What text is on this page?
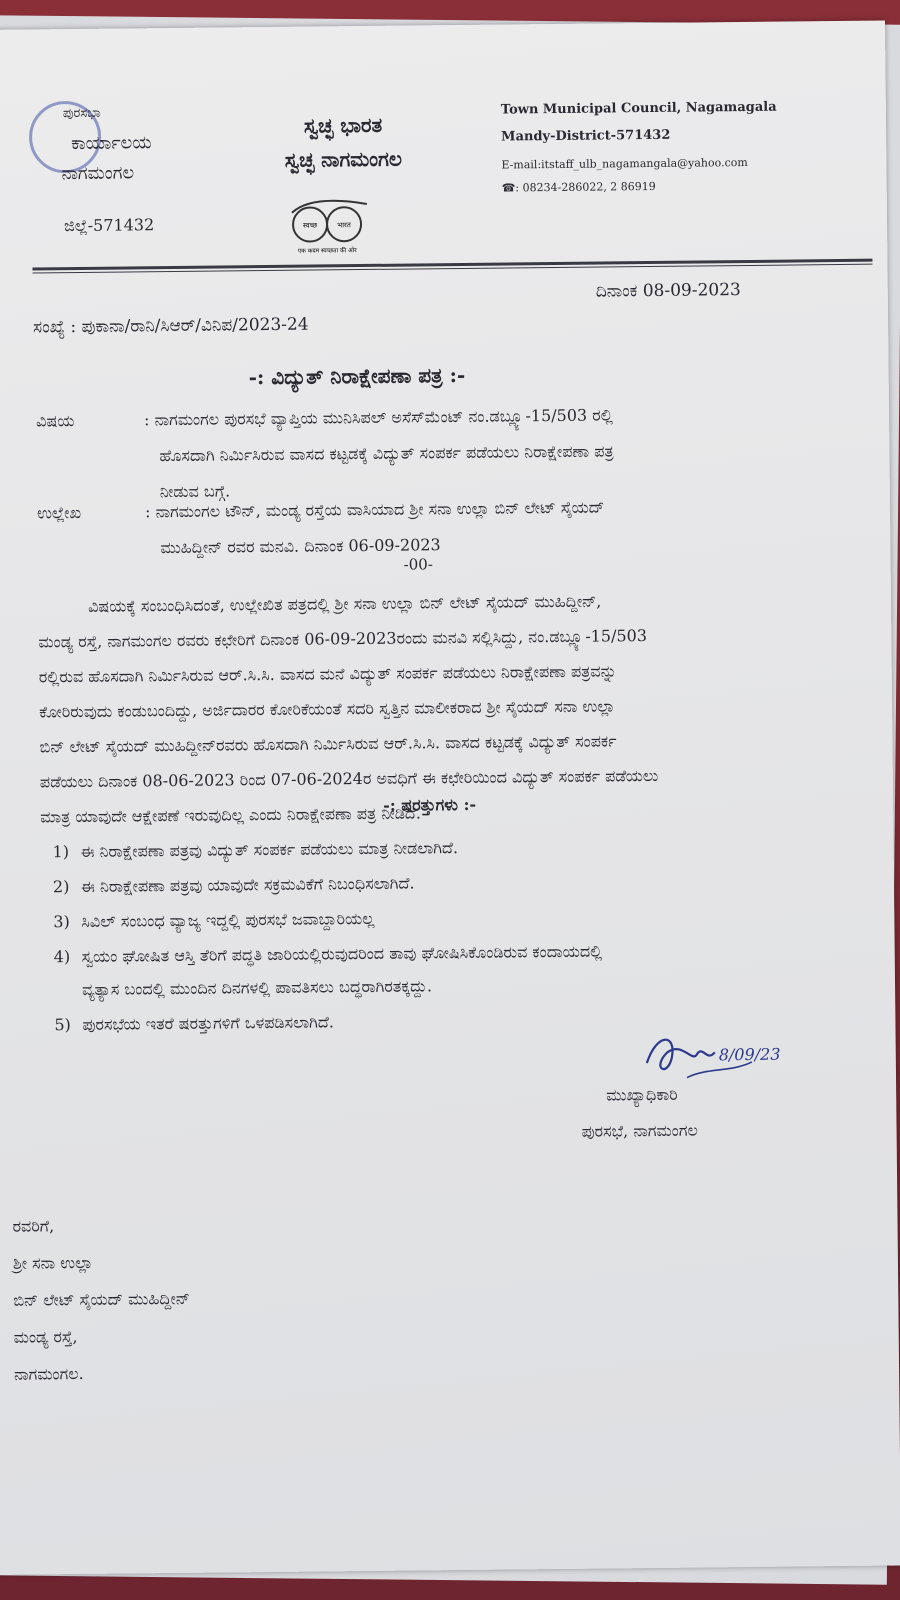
ಪುರಸಭಾ
ಕಾರ್ಯಾಲಯ
ನಾಗಮಂಗಲ
ಜಿಲ್ಲೆ-571432
ಸ್ವಚ್ಛ ಭಾರತ
ಸ್ವಚ್ಛ ನಾಗಮಂಗಲ
स्वच्छ	भारत
एक कदम स्वच्छता की ओर
Town Municipal Council, Nagamagala
Mandy-District-571432
E-mail:itstaff_ulb_nagamangala@yahoo.com
☎: 08234-286022, 2 86919
ದಿನಾಂಕ 08-09-2023
ಸಂಖ್ಯೆ : ಪುಕಾನಾ/ರಾನಿ/ಸಿಆರ್/ವಿನಿಪ/2023-24
-: ವಿದ್ಯುತ್ ನಿರಾಕ್ಷೇಪಣಾ ಪತ್ರ :-
ವಿಷಯ	: ನಾಗಮಂಗಲ ಪುರಸಭೆ ವ್ಯಾಪ್ತಿಯ ಮುನಿಸಿಪಲ್ ಅಸೆಸ್‌ಮೆಂಟ್ ನಂ.ಡಬ್ಲ್ಯೂ-15/503 ರಲ್ಲಿ
ಹೊಸದಾಗಿ ನಿರ್ಮಿಸಿರುವ ವಾಸದ ಕಟ್ಟಡಕ್ಕೆ ವಿದ್ಯುತ್ ಸಂಪರ್ಕ ಪಡೆಯಲು ನಿರಾಕ್ಷೇಪಣಾ ಪತ್ರ
ನೀಡುವ ಬಗ್ಗೆ.
ಉಲ್ಲೇಖ	: ನಾಗಮಂಗಲ ಟೌನ್, ಮಂಡ್ಯ ರಸ್ತೆಯ ವಾಸಿಯಾದ ಶ್ರೀ ಸನಾ ಉಲ್ಲಾ ಬಿನ್ ಲೇಟ್ ಸೈಯದ್
ಮುಹಿದ್ದೀನ್ ರವರ ಮನವಿ. ದಿನಾಂಕ 06-09-2023
-00-
ವಿಷಯಕ್ಕೆ ಸಂಬಂಧಿಸಿದಂತೆ, ಉಲ್ಲೇಖಿತ ಪತ್ರದಲ್ಲಿ ಶ್ರೀ ಸನಾ ಉಲ್ಲಾ ಬಿನ್ ಲೇಟ್ ಸೈಯದ್ ಮುಹಿದ್ದೀನ್,
ಮಂಡ್ಯ ರಸ್ತೆ, ನಾಗಮಂಗಲ ರವರು ಕಛೇರಿಗೆ ದಿನಾಂಕ 06-09-2023ರಂದು ಮನವಿ ಸಲ್ಲಿಸಿದ್ದು, ನಂ.ಡಬ್ಲ್ಯೂ-15/503
ರಲ್ಲಿರುವ ಹೊಸದಾಗಿ ನಿರ್ಮಿಸಿರುವ ಆರ್.ಸಿ.ಸಿ. ವಾಸದ ಮನೆ ವಿದ್ಯುತ್ ಸಂಪರ್ಕ ಪಡೆಯಲು ನಿರಾಕ್ಷೇಪಣಾ ಪತ್ರವನ್ನು
ಕೋರಿರುವುದು ಕಂಡುಬಂದಿದ್ದು, ಅರ್ಜಿದಾರರ ಕೋರಿಕೆಯಂತೆ ಸದರಿ ಸ್ವತ್ತಿನ ಮಾಲೀಕರಾದ ಶ್ರೀ ಸೈಯದ್ ಸನಾ ಉಲ್ಲಾ
ಬಿನ್ ಲೇಟ್ ಸೈಯದ್ ಮುಹಿದ್ದೀನ್‌ರವರು ಹೊಸದಾಗಿ ನಿರ್ಮಿಸಿರುವ ಆರ್.ಸಿ.ಸಿ. ವಾಸದ ಕಟ್ಟಡಕ್ಕೆ ವಿದ್ಯುತ್ ಸಂಪರ್ಕ
ಪಡೆಯಲು ದಿನಾಂಕ 08-06-2023 ರಿಂದ 07-06-2024ರ ಅವಧಿಗೆ ಈ ಕಛೇರಿಯಿಂದ ವಿದ್ಯುತ್ ಸಂಪರ್ಕ ಪಡೆಯಲು
ಮಾತ್ರ ಯಾವುದೇ ಆಕ್ಷೇಪಣೆ ಇರುವುದಿಲ್ಲ ಎಂದು ನಿರಾಕ್ಷೇಪಣಾ ಪತ್ರ ನೀಡಿದೆ.
-: ಷರತ್ತುಗಳು :-
1) ಈ ನಿರಾಕ್ಷೇಪಣಾ ಪತ್ರವು ವಿದ್ಯುತ್ ಸಂಪರ್ಕ ಪಡೆಯಲು ಮಾತ್ರ ನೀಡಲಾಗಿದೆ.
2) ಈ ನಿರಾಕ್ಷೇಪಣಾ ಪತ್ರವು ಯಾವುದೇ ಸಕ್ರಮವಿಕೆಗೆ ನಿಬಂಧಿಸಲಾಗಿದೆ.
3) ಸಿವಿಲ್ ಸಂಬಂಧ ವ್ಯಾಜ್ಯ ಇದ್ದಲ್ಲಿ ಪುರಸಭೆ ಜವಾಬ್ದಾರಿಯಲ್ಲ
4) ಸ್ವಯಂ ಘೋಷಿತ ಆಸ್ತಿ ತೆರಿಗೆ ಪದ್ಧತಿ ಜಾರಿಯಲ್ಲಿರುವುದರಿಂದ ತಾವು ಘೋಷಿಸಿಕೊಂಡಿರುವ ಕಂದಾಯದಲ್ಲಿ
ವ್ಯತ್ಯಾಸ ಬಂದಲ್ಲಿ ಮುಂದಿನ ದಿನಗಳಲ್ಲಿ ಪಾವತಿಸಲು ಬದ್ಧರಾಗಿರತಕ್ಕದ್ದು.
5) ಪುರಸಭೆಯ ಇತರೆ ಷರತ್ತುಗಳಿಗೆ ಒಳಪಡಿಸಲಾಗಿದೆ.
8/09/23
ಮುಖ್ಯಾಧಿಕಾರಿ
ಪುರಸಭೆ, ನಾಗಮಂಗಲ
ರವರಿಗೆ,
ಶ್ರೀ ಸನಾ ಉಲ್ಲಾ
ಬಿನ್ ಲೇಟ್ ಸೈಯದ್ ಮುಹಿದ್ದೀನ್
ಮಂಡ್ಯ ರಸ್ತೆ,
ನಾಗಮಂಗಲ.
